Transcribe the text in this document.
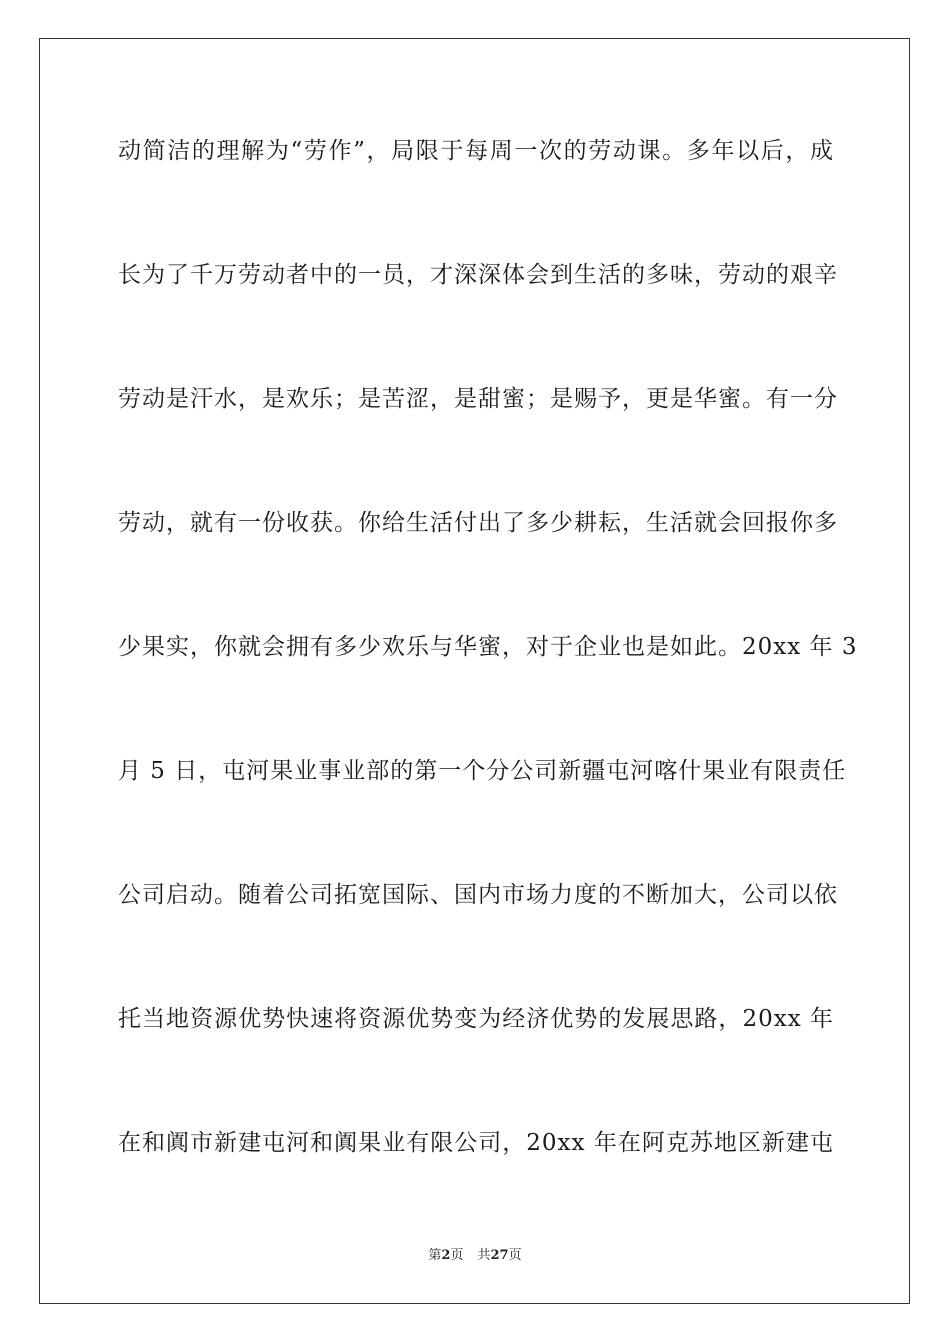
动简洁的理解为“劳作”，局限于每周一次的劳动课。多年以后，成
长为了千万劳动者中的一员，才深深体会到生活的多味，劳动的艰辛
劳动是汗水，是欢乐；是苦涩，是甜蜜；是赐予，更是华蜜。有一分
劳动，就有一份收获。你给生活付出了多少耕耘，生活就会回报你多
少果实，你就会拥有多少欢乐与华蜜，对于企业也是如此。20xx 年 3
月 5 日，屯河果业事业部的第一个分公司新疆屯河喀什果业有限责任
公司启动。随着公司拓宽国际、国内市场力度的不断加大，公司以依
托当地资源优势快速将资源优势变为经济优势的发展思路，20xx 年
在和阗市新建屯河和阗果业有限公司，20xx 年在阿克苏地区新建屯
第2页 共27页
